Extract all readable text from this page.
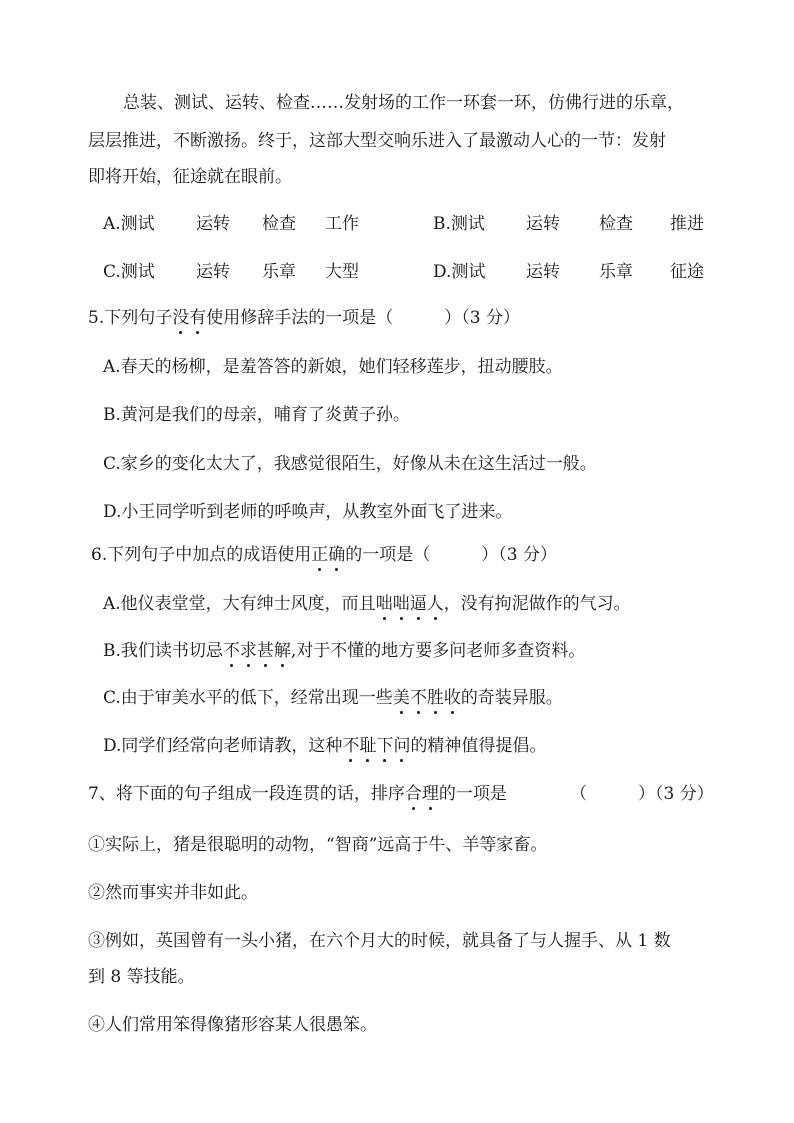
总装、测试、运转、检查……发射场的工作一环套一环，仿佛行进的乐章，
层层推进，不断激扬。终于，这部大型交响乐进入了最激动人心的一节：发射
即将开始，征途就在眼前。
A.测试 运转 检查 工作	B.测试 运转 检查 推进
C.测试 运转 乐章 大型	D.测试 运转 乐章 征途
5.下列句子没有使用修辞手法的一项是（　　　）（3 分）
A.春天的杨柳，是羞答答的新娘，她们轻移莲步，扭动腰肢。
B.黄河是我们的母亲，哺育了炎黄子孙。
C.家乡的变化太大了，我感觉很陌生，好像从未在这生活过一般。
D.小王同学听到老师的呼唤声，从教室外面飞了进来。
6.下列句子中加点的成语使用正确的一项是（　　　）（3 分）
A.他仪表堂堂，大有绅士风度，而且咄咄逼人，没有拘泥做作的气习。
B.我们读书切忌不求甚解,对于不懂的地方要多问老师多查资料。
C.由于审美水平的低下，经常出现一些美不胜收的奇装异服。
D.同学们经常向老师请教，这种不耻下问的精神值得提倡。
7、将下面的句子组成一段连贯的话，排序合理的一项是	（　　　）（3 分）
①实际上，猪是很聪明的动物，“智商”远高于牛、羊等家畜。
②然而事实并非如此。
③例如，英国曾有一头小猪，在六个月大的时候，就具备了与人握手、从 1 数
到 8 等技能。
④人们常用笨得像猪形容某人很愚笨。
